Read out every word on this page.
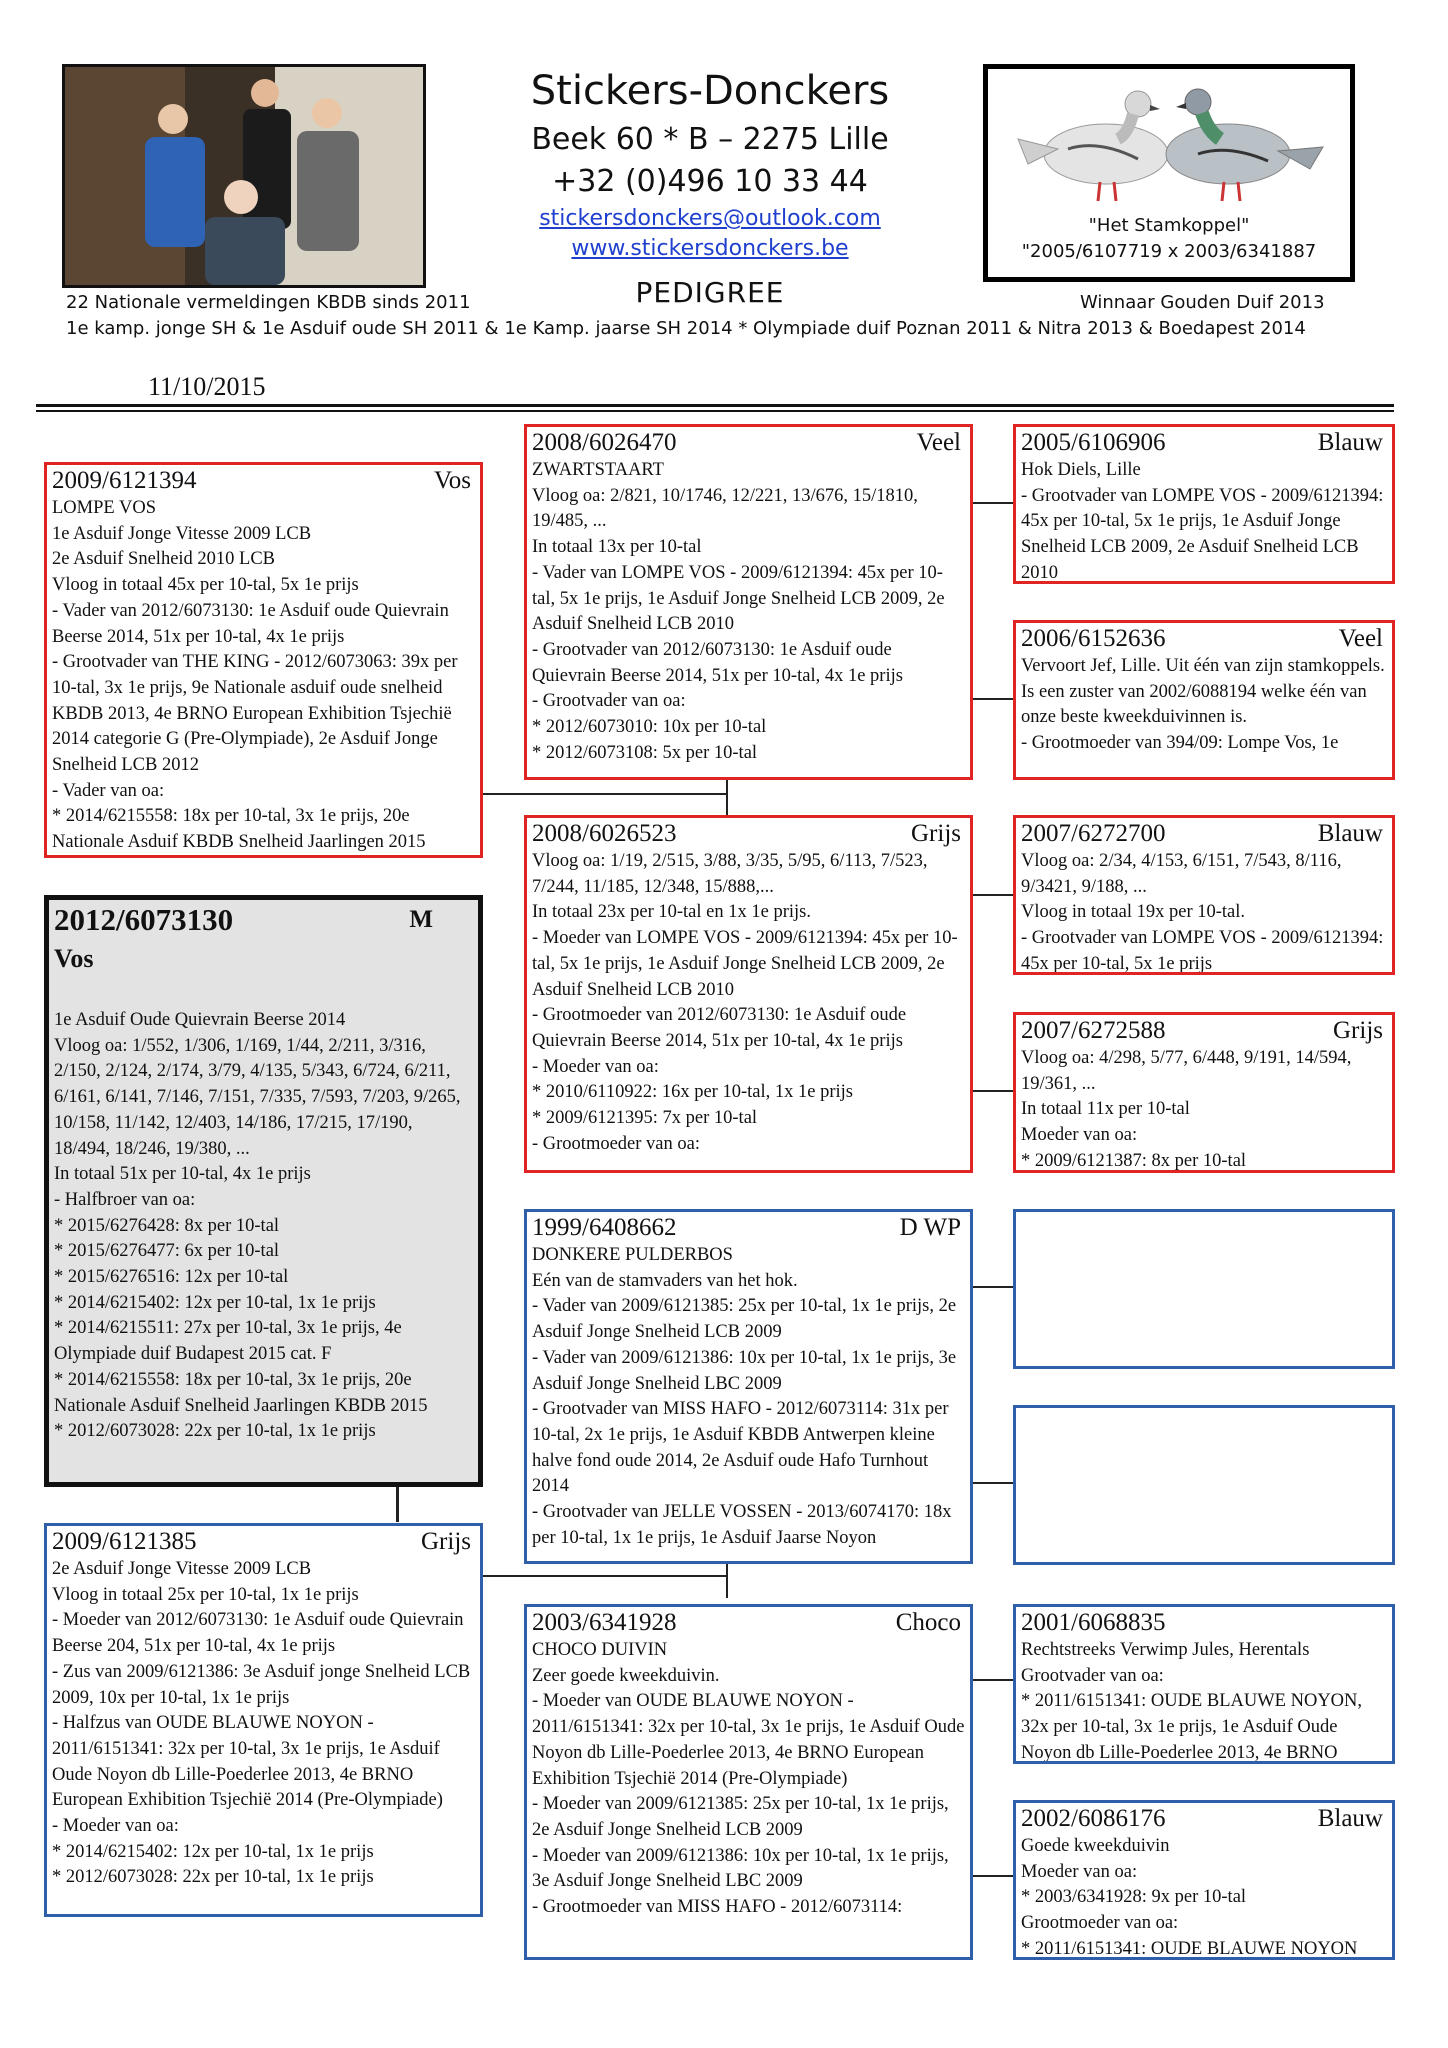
Stickers-Donckers
Beek 60 * B – 2275 Lille
+32 (0)496 10 33 44
stickersdonckers@outlook.com
www.stickersdonckers.be
PEDIGREE
"Het Stamkoppel"
"2005/6107719 x 2003/6341887
22 Nationale vermeldingen KBDB sinds 2011	Winnaar Gouden Duif 2013
1e kamp. jonge SH & 1e Asduif oude SH 2011 & 1e Kamp. jaarse SH 2014 * Olympiade duif Poznan 2011 & Nitra 2013 & Boedapest 2014
11/10/2015
2009/6121394	Vos
LOMPE VOS
1e Asduif Jonge Vitesse 2009 LCB
2e Asduif Snelheid 2010 LCB
Vloog in totaal 45x per 10-tal, 5x 1e prijs
- Vader van 2012/6073130: 1e Asduif oude Quievrain Beerse 2014, 51x per 10-tal, 4x 1e prijs
- Grootvader van THE KING - 2012/6073063: 39x per 10-tal, 3x 1e prijs, 9e Nationale asduif oude snelheid KBDB 2013, 4e BRNO European Exhibition Tsjechië 2014 categorie G (Pre-Olympiade), 2e Asduif Jonge Snelheid LCB 2012
- Vader van oa:
* 2014/6215558: 18x per 10-tal, 3x 1e prijs, 20e Nationale Asduif KBDB Snelheid Jaarlingen 2015
2012/6073130	M
Vos
1e Asduif Oude Quievrain Beerse 2014
Vloog oa: 1/552, 1/306, 1/169, 1/44, 2/211, 3/316, 2/150, 2/124, 2/174, 3/79, 4/135, 5/343, 6/724, 6/211, 6/161, 6/141, 7/146, 7/151, 7/335, 7/593, 7/203, 9/265, 10/158, 11/142, 12/403, 14/186, 17/215, 17/190, 18/494, 18/246, 19/380, ...
In totaal 51x per 10-tal, 4x 1e prijs
- Halfbroer van oa:
* 2015/6276428: 8x per 10-tal
* 2015/6276477: 6x per 10-tal
* 2015/6276516: 12x per 10-tal
* 2014/6215402: 12x per 10-tal, 1x 1e prijs
* 2014/6215511: 27x per 10-tal, 3x 1e prijs, 4e Olympiade duif Budapest 2015 cat. F
* 2014/6215558: 18x per 10-tal, 3x 1e prijs, 20e Nationale Asduif Snelheid Jaarlingen KBDB 2015
* 2012/6073028: 22x per 10-tal, 1x 1e prijs
2009/6121385	Grijs
2e Asduif Jonge Vitesse 2009 LCB
Vloog in totaal 25x per 10-tal, 1x 1e prijs
- Moeder van 2012/6073130: 1e Asduif oude Quievrain Beerse 204, 51x per 10-tal, 4x 1e prijs
- Zus van 2009/6121386: 3e Asduif jonge Snelheid LCB 2009, 10x per 10-tal, 1x 1e prijs
- Halfzus van OUDE BLAUWE NOYON - 2011/6151341: 32x per 10-tal, 3x 1e prijs, 1e Asduif Oude Noyon db Lille-Poederlee 2013, 4e BRNO European Exhibition Tsjechië 2014 (Pre-Olympiade)
- Moeder van oa:
* 2014/6215402: 12x per 10-tal, 1x 1e prijs
* 2012/6073028: 22x per 10-tal, 1x 1e prijs
2008/6026470	Veel
ZWARTSTAART
Vloog oa: 2/821, 10/1746, 12/221, 13/676, 15/1810, 19/485, ...
In totaal 13x per 10-tal
- Vader van LOMPE VOS - 2009/6121394: 45x per 10-tal, 5x 1e prijs, 1e Asduif Jonge Snelheid LCB 2009, 2e Asduif Snelheid LCB 2010
- Grootvader van 2012/6073130: 1e Asduif oude Quievrain Beerse 2014, 51x per 10-tal, 4x 1e prijs
- Grootvader van oa:
* 2012/6073010: 10x per 10-tal
* 2012/6073108: 5x per 10-tal
2008/6026523	Grijs
Vloog oa: 1/19, 2/515, 3/88, 3/35, 5/95, 6/113, 7/523, 7/244, 11/185, 12/348, 15/888,...
In totaal 23x per 10-tal en 1x 1e prijs.
- Moeder van LOMPE VOS - 2009/6121394: 45x per 10-tal, 5x 1e prijs, 1e Asduif Jonge Snelheid LCB 2009, 2e Asduif Snelheid LCB 2010
- Grootmoeder van 2012/6073130: 1e Asduif oude Quievrain Beerse 2014, 51x per 10-tal, 4x 1e prijs
- Moeder van oa:
* 2010/6110922: 16x per 10-tal, 1x 1e prijs
* 2009/6121395: 7x per 10-tal
- Grootmoeder van oa:
1999/6408662	D WP
DONKERE PULDERBOS
Eén van de stamvaders van het hok.
- Vader van 2009/6121385: 25x per 10-tal, 1x 1e prijs, 2e Asduif Jonge Snelheid LCB 2009
- Vader van 2009/6121386: 10x per 10-tal, 1x 1e prijs, 3e Asduif Jonge Snelheid LBC 2009
- Grootvader van MISS HAFO - 2012/6073114: 31x per 10-tal, 2x 1e prijs, 1e Asduif KBDB Antwerpen kleine halve fond oude 2014, 2e Asduif oude Hafo Turnhout 2014
- Grootvader van JELLE VOSSEN - 2013/6074170: 18x per 10-tal, 1x 1e prijs, 1e Asduif Jaarse Noyon
2003/6341928	Choco
CHOCO DUIVIN
Zeer goede kweekduivin.
- Moeder van OUDE BLAUWE NOYON - 2011/6151341: 32x per 10-tal, 3x 1e prijs, 1e Asduif Oude Noyon db Lille-Poederlee 2013, 4e BRNO European Exhibition Tsjechië 2014 (Pre-Olympiade)
- Moeder van 2009/6121385: 25x per 10-tal, 1x 1e prijs, 2e Asduif Jonge Snelheid LCB 2009
- Moeder van 2009/6121386: 10x per 10-tal, 1x 1e prijs, 3e Asduif Jonge Snelheid LBC 2009
- Grootmoeder van MISS HAFO - 2012/6073114:
2005/6106906	Blauw
Hok Diels, Lille
- Grootvader van LOMPE VOS - 2009/6121394: 45x per 10-tal, 5x 1e prijs, 1e Asduif Jonge Snelheid LCB 2009, 2e Asduif Snelheid LCB 2010
2006/6152636	Veel
Vervoort Jef, Lille. Uit één van zijn stamkoppels. Is een zuster van 2002/6088194 welke één van onze beste kweekduivinnen is.
- Grootmoeder van 394/09: Lompe Vos, 1e
2007/6272700	Blauw
Vloog oa: 2/34, 4/153, 6/151, 7/543, 8/116, 9/3421, 9/188, ...
Vloog in totaal 19x per 10-tal.
- Grootvader van LOMPE VOS - 2009/6121394: 45x per 10-tal, 5x 1e prijs
2007/6272588	Grijs
Vloog oa: 4/298, 5/77, 6/448, 9/191, 14/594, 19/361, ...
In totaal 11x per 10-tal
Moeder van oa:
* 2009/6121387: 8x per 10-tal
2001/6068835
Rechtstreeks Verwimp Jules, Herentals
Grootvader van oa:
* 2011/6151341: OUDE BLAUWE NOYON, 32x per 10-tal, 3x 1e prijs, 1e Asduif Oude Noyon db Lille-Poederlee 2013, 4e BRNO
2002/6086176	Blauw
Goede kweekduivin
Moeder van oa:
* 2003/6341928: 9x per 10-tal
Grootmoeder van oa:
* 2011/6151341: OUDE BLAUWE NOYON
